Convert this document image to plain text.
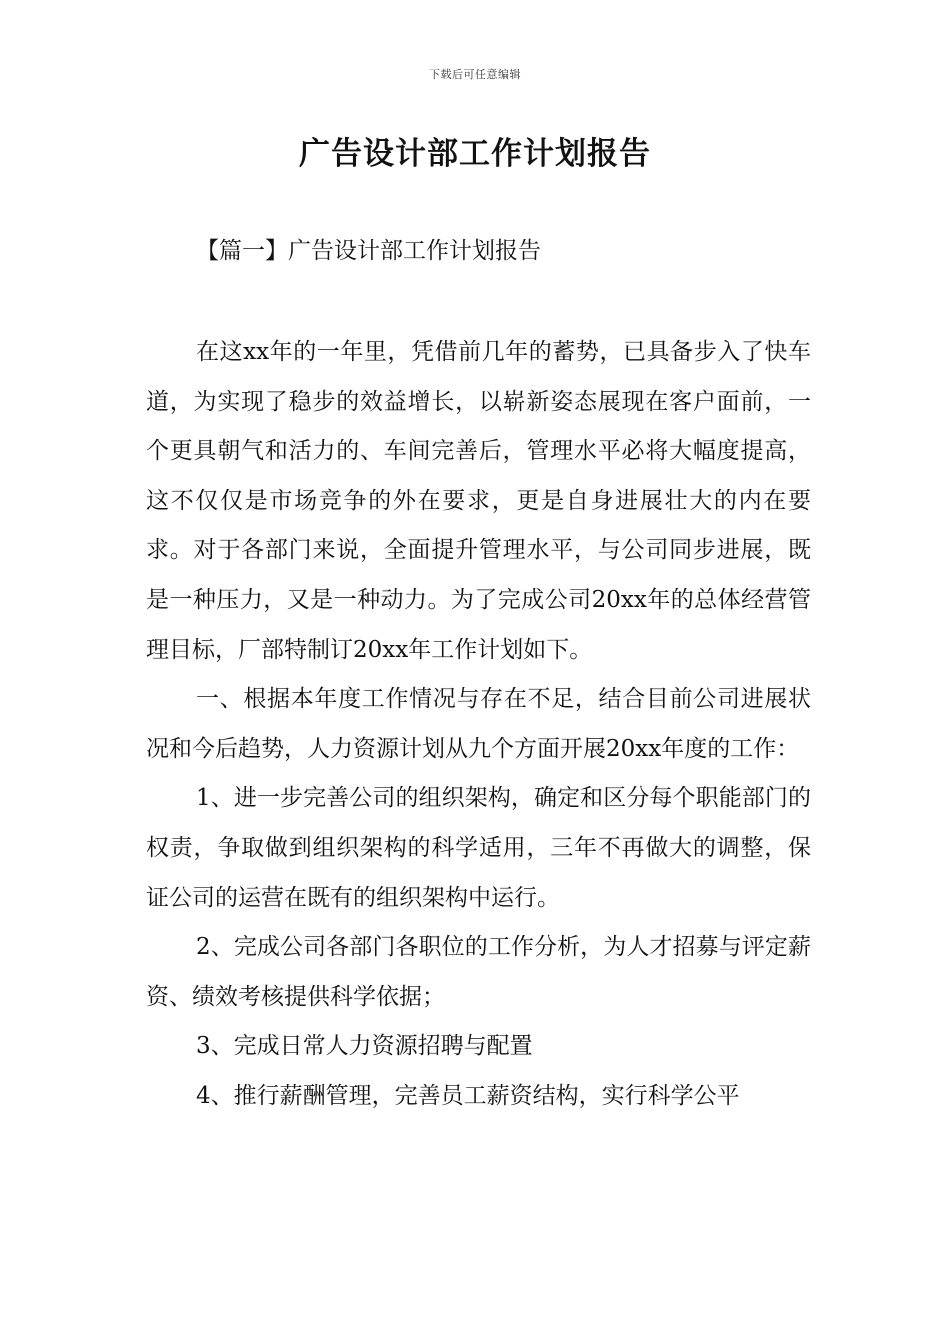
下载后可任意编辑
广告设计部工作计划报告
【篇一】广告设计部工作计划报告

在这xx年的一年里，凭借前几年的蓄势，已具备步入了快车道，为实现了稳步的效益增长，以崭新姿态展现在客户面前，一个更具朝气和活力的、车间完善后，管理水平必将大幅度提高，这不仅仅是市场竞争的外在要求，更是自身进展壮大的内在要求。对于各部门来说，全面提升管理水平，与公司同步进展，既是一种压力，又是一种动力。为了完成公司20xx年的总体经营管理目标，厂部特制订20xx年工作计划如下。

一、根据本年度工作情况与存在不足，结合目前公司进展状况和今后趋势，人力资源计划从九个方面开展20xx年度的工作：

1、进一步完善公司的组织架构，确定和区分每个职能部门的权责，争取做到组织架构的科学适用，三年不再做大的调整，保证公司的运营在既有的组织架构中运行。

2、完成公司各部门各职位的工作分析，为人才招募与评定薪资、绩效考核提供科学依据；

3、完成日常人力资源招聘与配置

4、推行薪酬管理，完善员工薪资结构，实行科学公平
